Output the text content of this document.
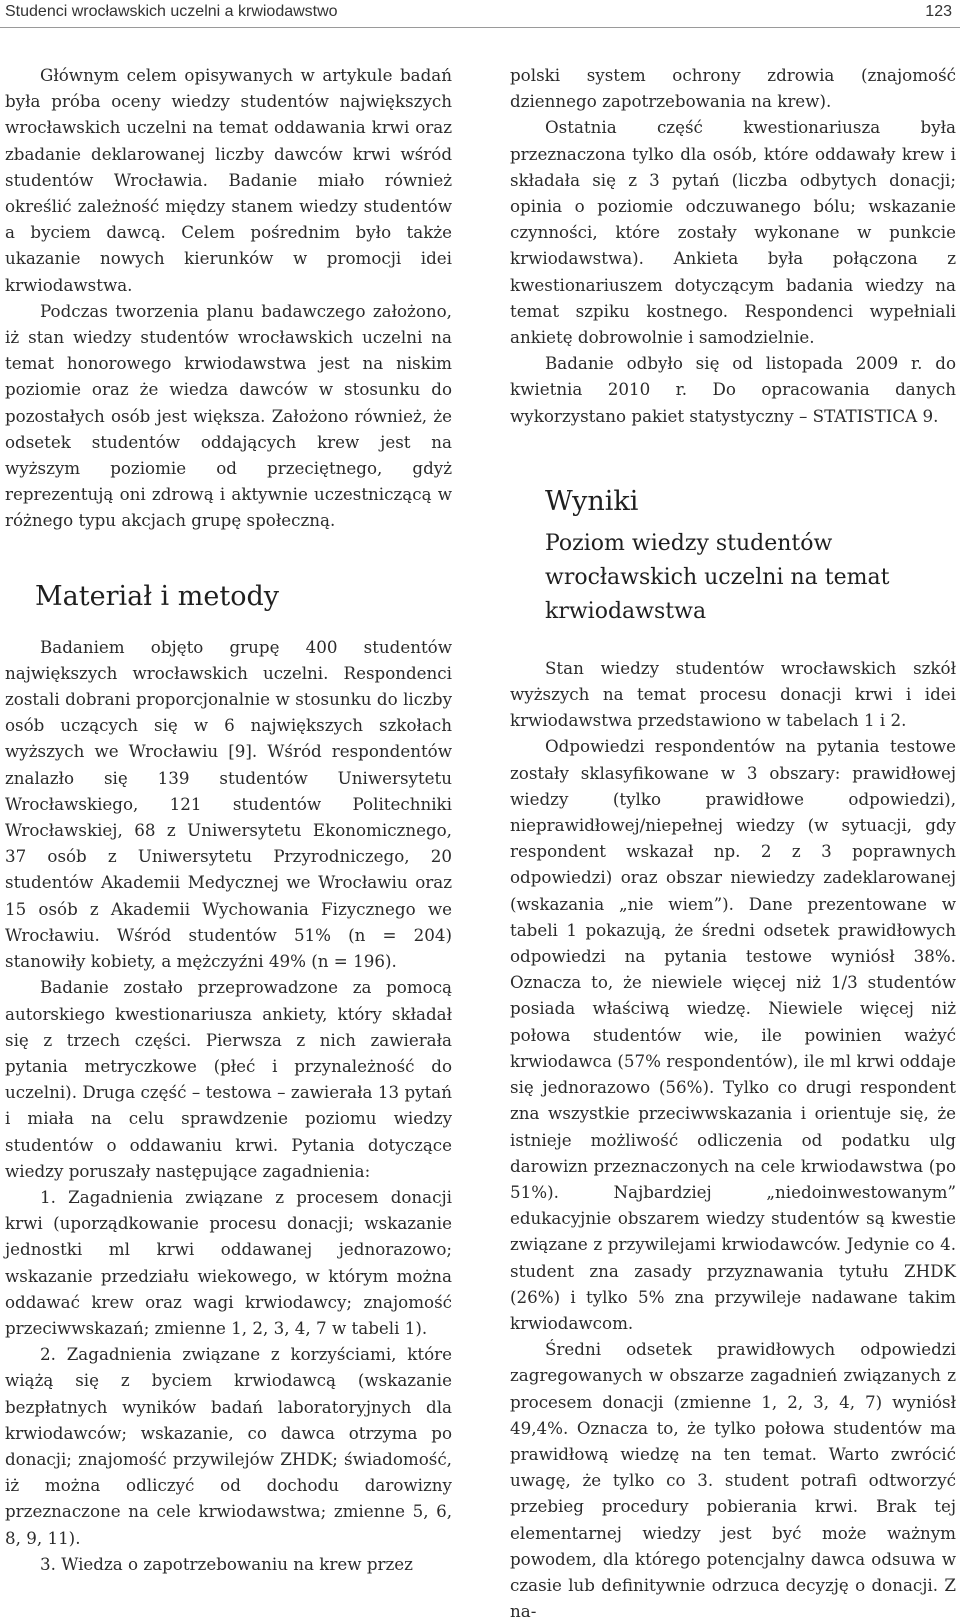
Studenci wrocławskich uczelni a krwiodawstwo	123

Głównym celem opisywanych w artykule badań była próba oceny wiedzy studentów największych wrocławskich uczelni na temat oddawania krwi oraz zbadanie deklarowanej liczby dawców krwi wśród studentów Wrocławia. Badanie miało również określić zależność między stanem wiedzy studentów a byciem dawcą. Celem pośrednim było także ukazanie nowych kierunków w promocji idei krwiodawstwa.

Podczas tworzenia planu badawczego założono, iż stan wiedzy studentów wrocławskich uczelni na temat honorowego krwiodawstwa jest na niskim poziomie oraz że wiedza dawców w stosunku do pozostałych osób jest większa. Założono również, że odsetek studentów oddających krew jest na wyższym poziomie od przeciętnego, gdyż reprezentują oni zdrową i aktywnie uczestniczącą w różnego typu akcjach grupę społeczną.

Materiał i metody

Badaniem objęto grupę 400 studentów największych wrocławskich uczelni. Respondenci zostali dobrani proporcjonalnie w stosunku do liczby osób uczących się w 6 największych szkołach wyższych we Wrocławiu [9]. Wśród respondentów znalazło się 139 studentów Uniwersytetu Wrocławskiego, 121 studentów Politechniki Wrocławskiej, 68 z Uniwersytetu Ekonomicznego, 37 osób z Uniwersytetu Przyrodniczego, 20 studentów Akademii Medycznej we Wrocławiu oraz 15 osób z Akademii Wychowania Fizycznego we Wrocławiu. Wśród studentów 51% (n = 204) stanowiły kobiety, a mężczyźni 49% (n = 196).

Badanie zostało przeprowadzone za pomocą autorskiego kwestionariusza ankiety, który składał się z trzech części. Pierwsza z nich zawierała pytania metryczkowe (płeć i przynależność do uczelni). Druga część – testowa – zawierała 13 pytań i miała na celu sprawdzenie poziomu wiedzy studentów o oddawaniu krwi. Pytania dotyczące wiedzy poruszały następujące zagadnienia:

1. Zagadnienia związane z procesem donacji krwi (uporządkowanie procesu donacji; wskazanie jednostki ml krwi oddawanej jednorazowo; wskazanie przedziału wiekowego, w którym można oddawać krew oraz wagi krwiodawcy; znajomość przeciwwskazań; zmienne 1, 2, 3, 4, 7 w tabeli 1).

2. Zagadnienia związane z korzyściami, które wiążą się z byciem krwiodawcą (wskazanie bezpłatnych wyników badań laboratoryjnych dla krwiodawców; wskazanie, co dawca otrzyma po donacji; znajomość przywilejów ZHDK; świadomość, iż można odliczyć od dochodu darowizny przeznaczone na cele krwiodawstwa; zmienne 5, 6, 8, 9, 11).

3. Wiedza o zapotrzebowaniu na krew przez

polski system ochrony zdrowia (znajomość dziennego zapotrzebowania na krew).

Ostatnia część kwestionariusza była przeznaczona tylko dla osób, które oddawały krew i składała się z 3 pytań (liczba odbytych donacji; opinia o poziomie odczuwanego bólu; wskazanie czynności, które zostały wykonane w punkcie krwiodawstwa). Ankieta była połączona z kwestionariuszem dotyczącym badania wiedzy na temat szpiku kostnego. Respondenci wypełniali ankietę dobrowolnie i samodzielnie.

Badanie odbyło się od listopada 2009 r. do kwietnia 2010 r. Do opracowania danych wykorzystano pakiet statystyczny – STATISTICA 9.

Wyniki
Poziom wiedzy studentów wrocławskich uczelni na temat krwiodawstwa

Stan wiedzy studentów wrocławskich szkół wyższych na temat procesu donacji krwi i idei krwiodawstwa przedstawiono w tabelach 1 i 2.

Odpowiedzi respondentów na pytania testowe zostały sklasyfikowane w 3 obszary: prawidłowej wiedzy (tylko prawidłowe odpowiedzi), nieprawidłowej/niepełnej wiedzy (w sytuacji, gdy respondent wskazał np. 2 z 3 poprawnych odpowiedzi) oraz obszar niewiedzy zadeklarowanej (wskazania „nie wiem”). Dane prezentowane w tabeli 1 pokazują, że średni odsetek prawidłowych odpowiedzi na pytania testowe wyniósł 38%. Oznacza to, że niewiele więcej niż 1/3 studentów posiada właściwą wiedzę. Niewiele więcej niż połowa studentów wie, ile powinien ważyć krwiodawca (57% respondentów), ile ml krwi oddaje się jednorazowo (56%). Tylko co drugi respondent zna wszystkie przeciwwskazania i orientuje się, że istnieje możliwość odliczenia od podatku ulg darowizn przeznaczonych na cele krwiodawstwa (po 51%). Najbardziej „niedoinwestowanym” edukacyjnie obszarem wiedzy studentów są kwestie związane z przywilejami krwiodawców. Jedynie co 4. student zna zasady przyznawania tytułu ZHDK (26%) i tylko 5% zna przywileje nadawane takim krwiodawcom.

Średni odsetek prawidłowych odpowiedzi zagregowanych w obszarze zagadnień związanych z procesem donacji (zmienne 1, 2, 3, 4, 7) wyniósł 49,4%. Oznacza to, że tylko połowa studentów ma prawidłową wiedzę na ten temat. Warto zwrócić uwagę, że tylko co 3. student potrafi odtworzyć przebieg procedury pobierania krwi. Brak tej elementarnej wiedzy jest być może ważnym powodem, dla którego potencjalny dawca odsuwa w czasie lub definitywnie odrzuca decyzję o donacji. Z na-
